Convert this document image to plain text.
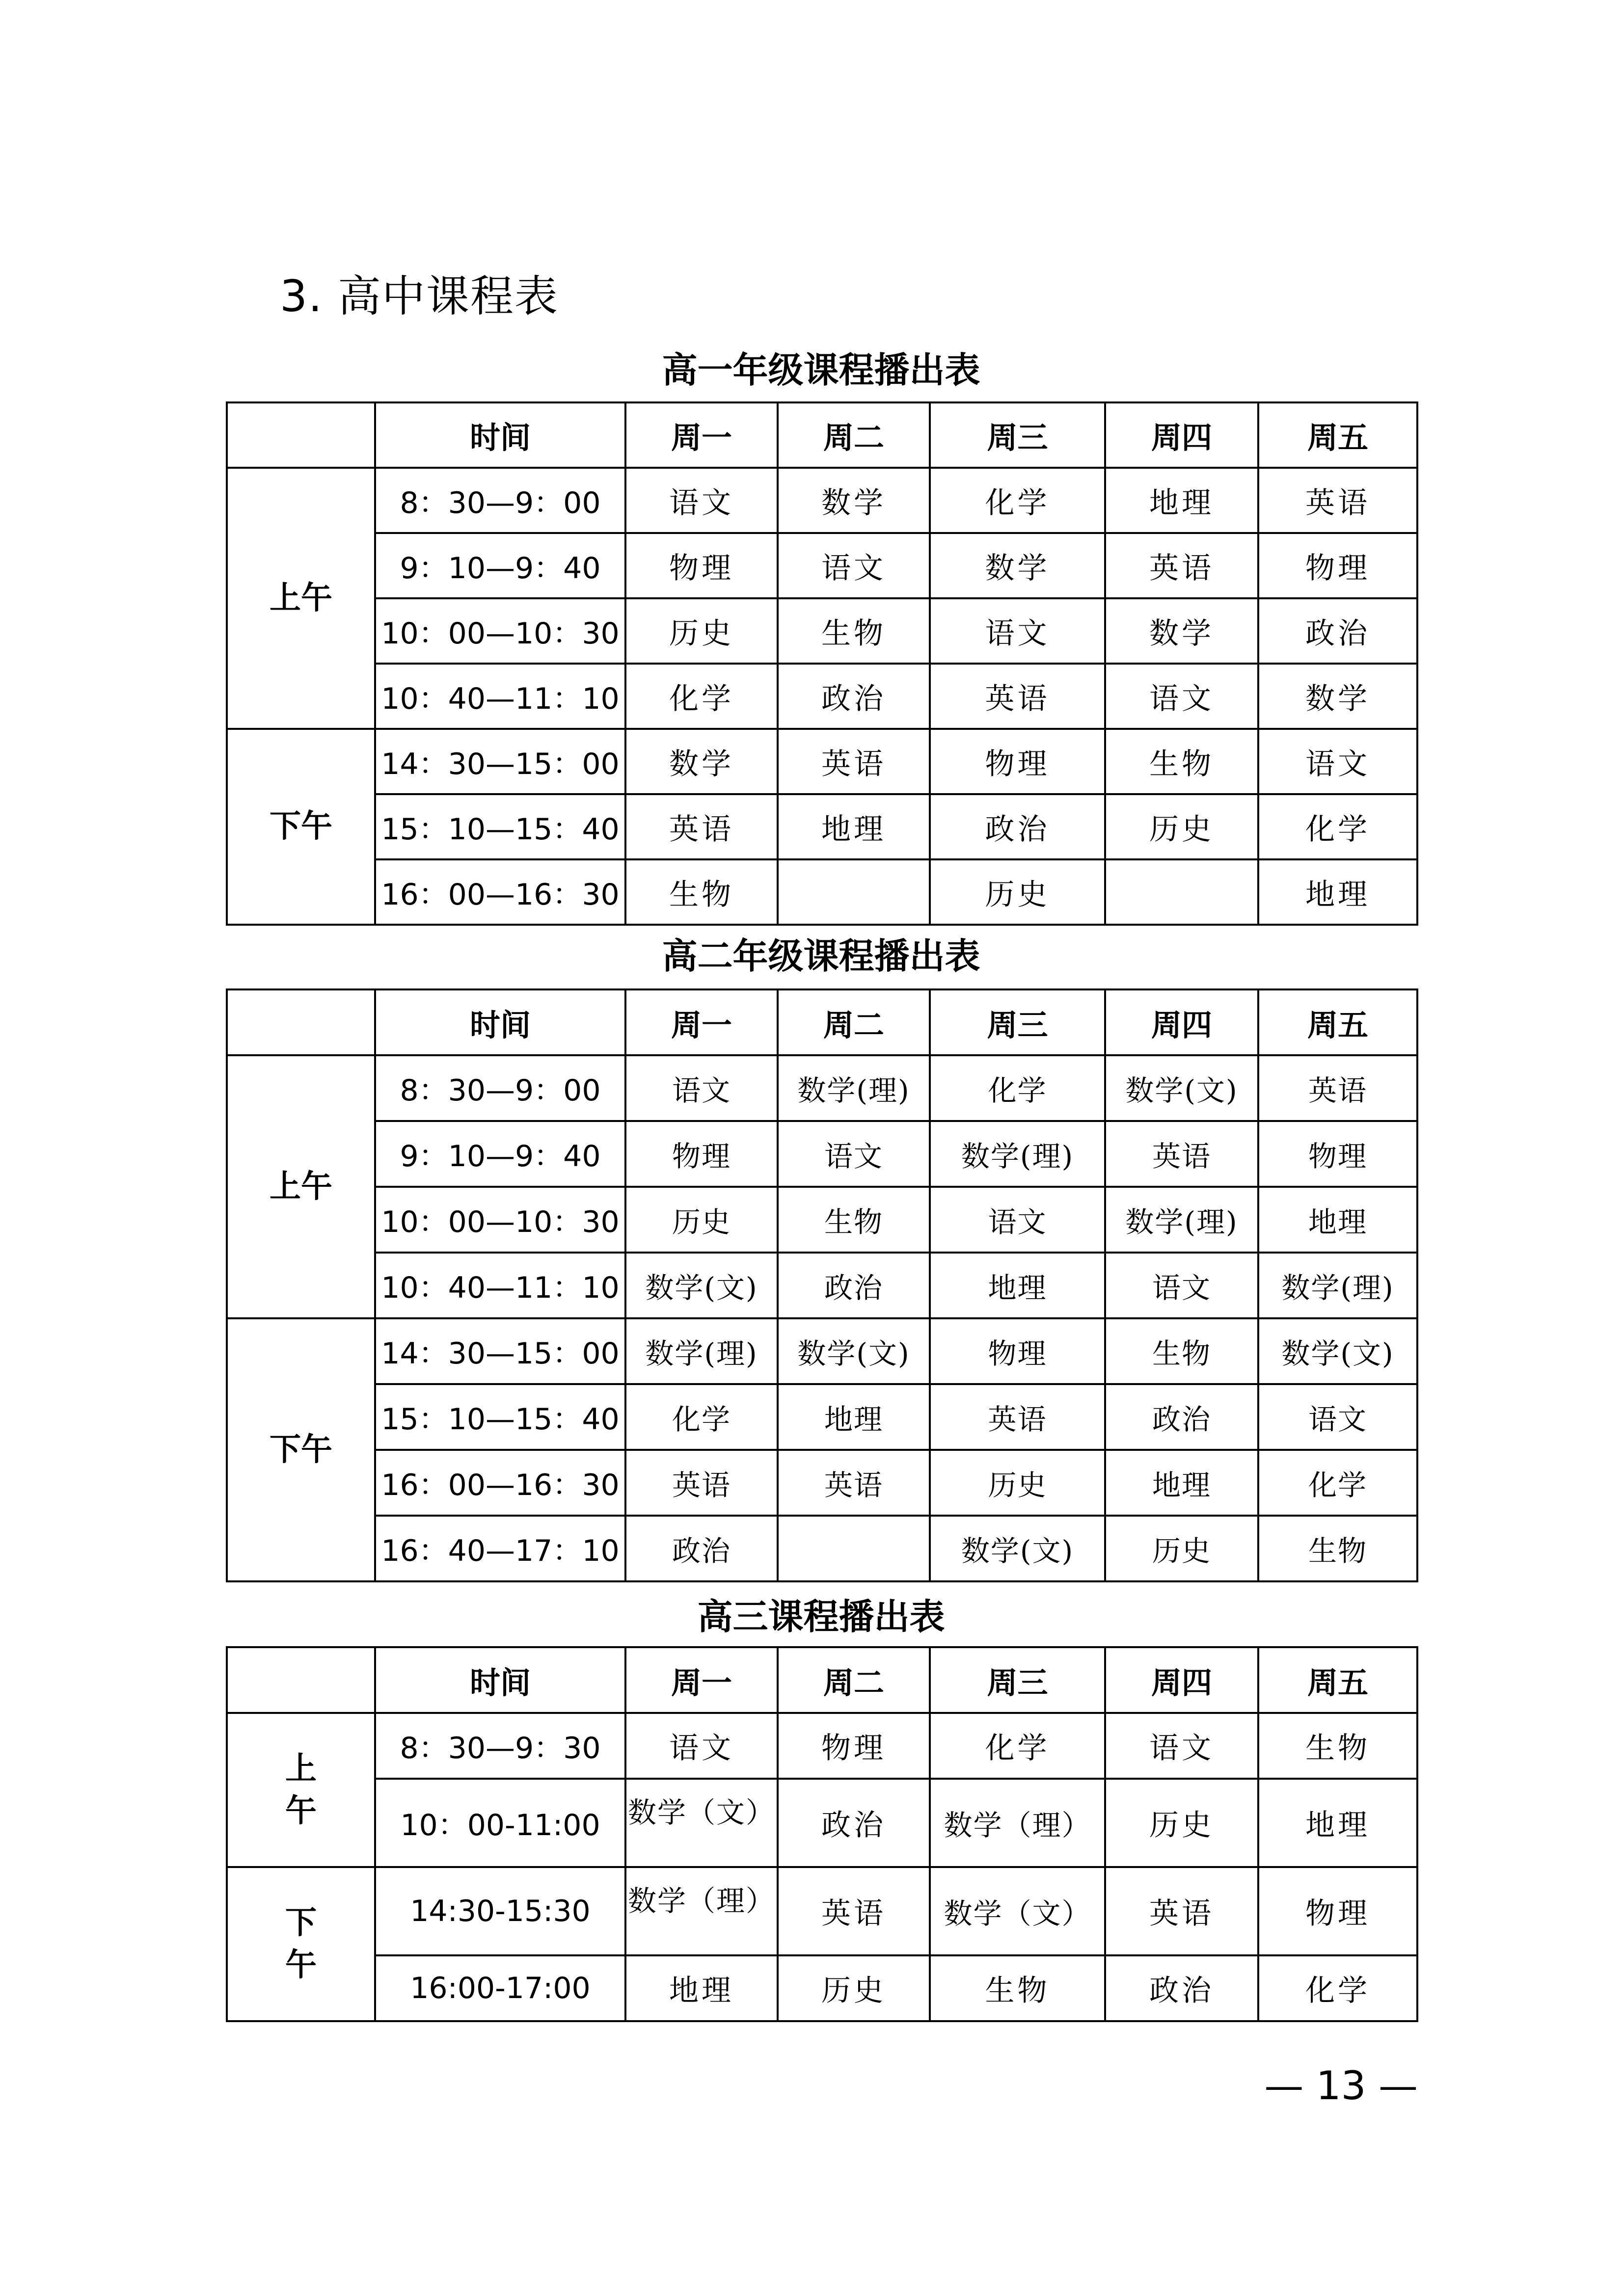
3. 高中课程表
高一年级课程播出表
	时间	周一	周二	周三	周四	周五
上午	8：30—9：00	语文	数学	化学	地理	英语
	9：10—9：40	物理	语文	数学	英语	物理
	10：00—10：30	历史	生物	语文	数学	政治
	10：40—11：10	化学	政治	英语	语文	数学
下午	14：30—15：00	数学	英语	物理	生物	语文
	15：10—15：40	英语	地理	政治	历史	化学
	16：00—16：30	生物		历史		地理
高二年级课程播出表
	时间	周一	周二	周三	周四	周五
上午	8：30—9：00	语文	数学(理)	化学	数学(文)	英语
	9：10—9：40	物理	语文	数学(理)	英语	物理
	10：00—10：30	历史	生物	语文	数学(理)	地理
	10：40—11：10	数学(文)	政治	地理	语文	数学(理)
下午	14：30—15：00	数学(理)	数学(文)	物理	生物	数学(文)
	15：10—15：40	化学	地理	英语	政治	语文
	16：00—16：30	英语	英语	历史	地理	化学
	16：40—17：10	政治		数学(文)	历史	生物
高三课程播出表
	时间	周一	周二	周三	周四	周五
上
午	8：30—9：30	语文	物理	化学	语文	生物
	10：00-11:00	数学（文）	政治	数学（理）	历史	地理
下
午	14:30-15:30	数学（理）	英语	数学（文）	英语	物理
	16:00-17:00	地理	历史	生物	政治	化学
— 13 —
